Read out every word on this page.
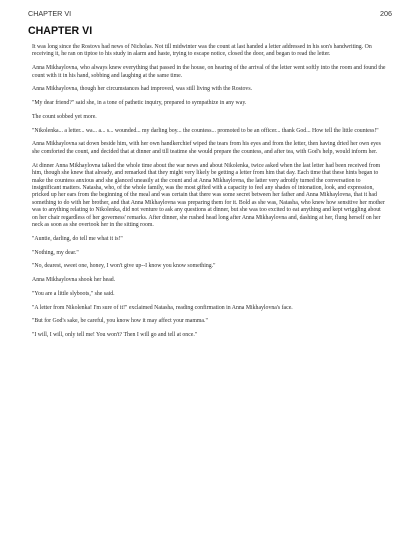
CHAPTER VI	206
CHAPTER VI

It was long since the Rostovs had news of Nicholas. Not till midwinter was the count at last handed a letter addressed in his son's handwriting. On receiving it, he ran on tiptoe to his study in alarm and haste, trying to escape notice, closed the door, and began to read the letter.

Anna Mikhaylovna, who always knew everything that passed in the house, on hearing of the arrival of the letter went softly into the room and found the count with it in his hand, sobbing and laughing at the same time.

Anna Mikhaylovna, though her circumstances had improved, was still living with the Rostovs.

"My dear friend?" said she, in a tone of pathetic inquiry, prepared to sympathize in any way.

The count sobbed yet more.

"Nikolenka... a letter... wa... a... s... wounded... my darling boy... the countess... promoted to be an officer... thank God... How tell the little countess!"

Anna Mikhaylovna sat down beside him, with her own handkerchief wiped the tears from his eyes and from the letter, then having dried her own eyes she comforted the count, and decided that at dinner and till teatime she would prepare the countess, and after tea, with God's help, would inform her.

At dinner Anna Mikhaylovna talked the whole time about the war news and about Nikolenka, twice asked when the last letter had been received from him, though she knew that already, and remarked that they might very likely be getting a letter from him that day. Each time that these hints began to make the countess anxious and she glanced uneasily at the count and at Anna Mikhaylovna, the latter very adroitly turned the conversation to insignificant matters. Natasha, who, of the whole family, was the most gifted with a capacity to feel any shades of intonation, look, and expression, pricked up her ears from the beginning of the meal and was certain that there was some secret between her father and Anna Mikhaylovna, that it had something to do with her brother, and that Anna Mikhaylovna was preparing them for it. Bold as she was, Natasha, who knew how sensitive her mother was to anything relating to Nikolenka, did not venture to ask any questions at dinner, but she was too excited to eat anything and kept wriggling about on her chair regardless of her governess' remarks. After dinner, she rushed head long after Anna Mikhaylovna and, dashing at her, flung herself on her neck as soon as she overtook her in the sitting room.

"Auntie, darling, do tell me what it is!"

"Nothing, my dear."

"No, dearest, sweet one, honey, I won't give up--I know you know something."

Anna Mikhaylovna shook her head.

"You are a little slyboots," she said.

"A letter from Nikolenka! I'm sure of it!" exclaimed Natasha, reading confirmation in Anna Mikhaylovna's face.

"But for God's sake, be careful, you know how it may affect your mamma."

"I will, I will, only tell me! You won't? Then I will go and tell at once."
